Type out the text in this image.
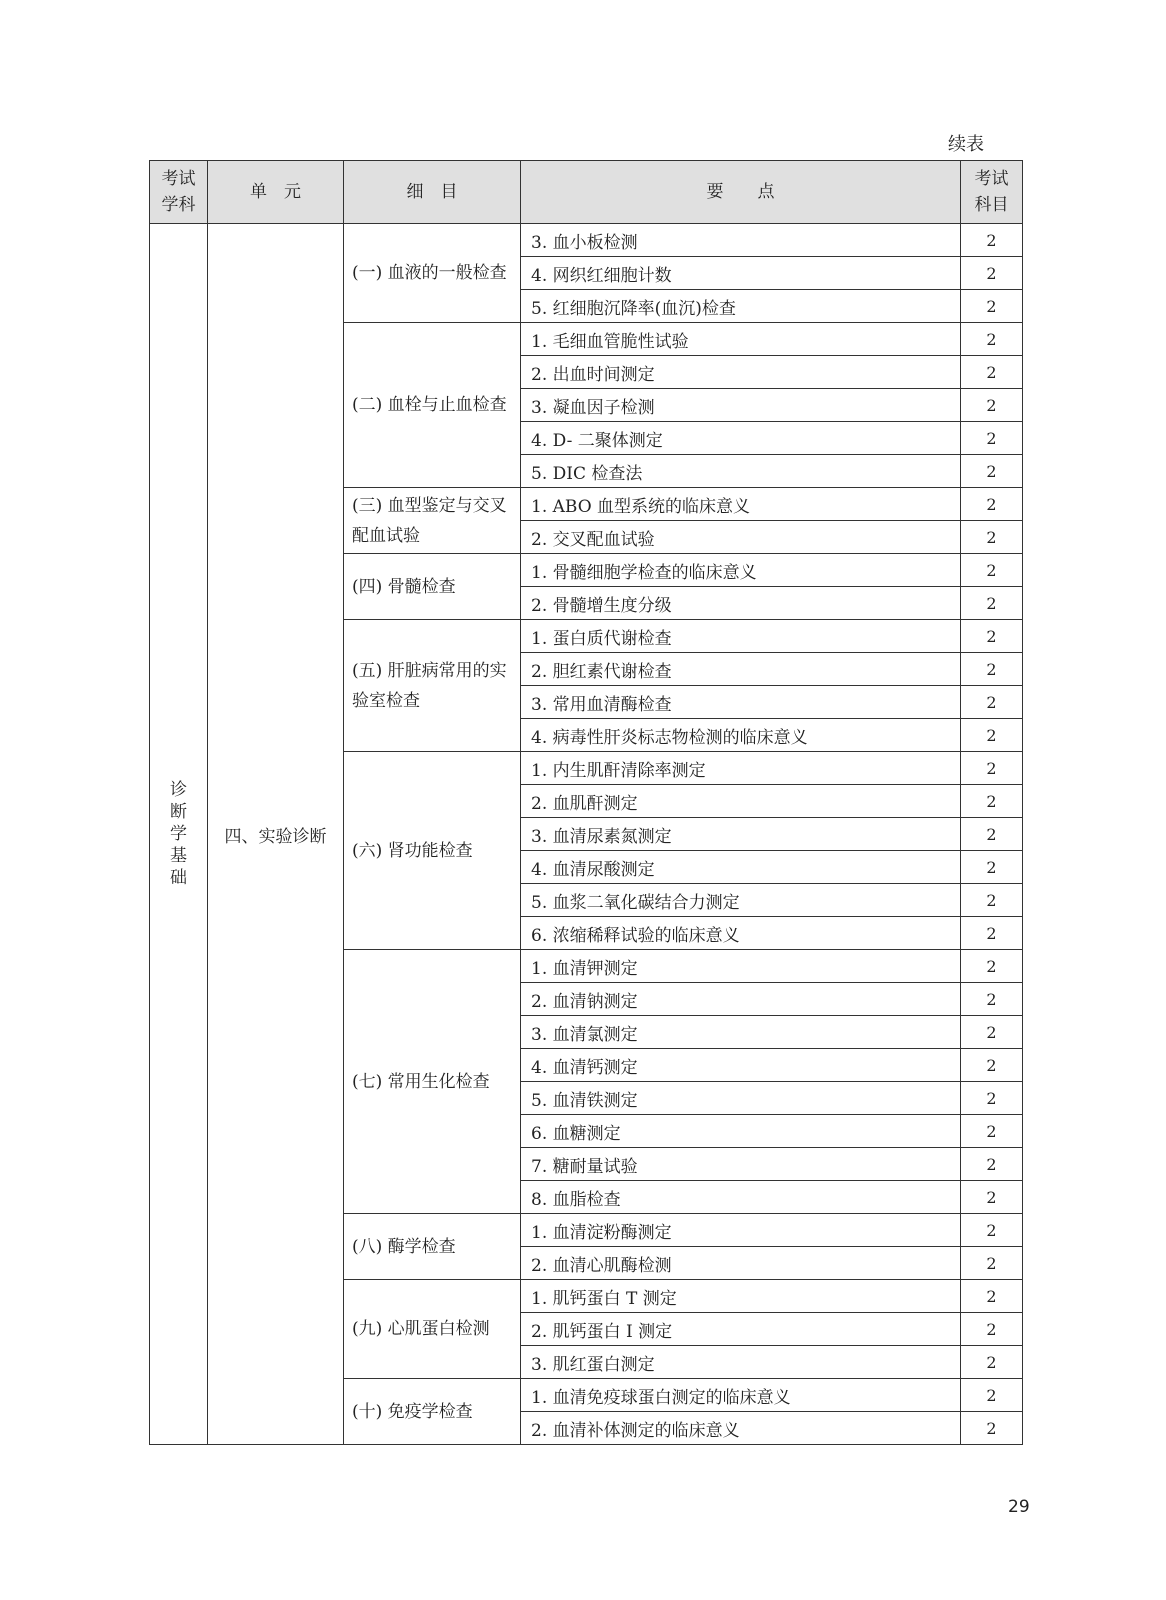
续表
考试学科	单　元	细　目	要　　点	考试科目
诊断学基础	四、实验诊断	(一) 血液的一般检查	3. 血小板检测	2
			4. 网织红细胞计数	2
			5. 红细胞沉降率(血沉)检查	2
		(二) 血栓与止血检查	1. 毛细血管脆性试验	2
			2. 出血时间测定	2
			3. 凝血因子检测	2
			4. D- 二聚体测定	2
			5. DIC 检查法	2
		(三) 血型鉴定与交叉配血试验	1. ABO 血型系统的临床意义	2
			2. 交叉配血试验	2
		(四) 骨髓检查	1. 骨髓细胞学检查的临床意义	2
			2. 骨髓增生度分级	2
		(五) 肝脏病常用的实验室检查	1. 蛋白质代谢检查	2
			2. 胆红素代谢检查	2
			3. 常用血清酶检查	2
			4. 病毒性肝炎标志物检测的临床意义	2
		(六) 肾功能检查	1. 内生肌酐清除率测定	2
			2. 血肌酐测定	2
			3. 血清尿素氮测定	2
			4. 血清尿酸测定	2
			5. 血浆二氧化碳结合力测定	2
			6. 浓缩稀释试验的临床意义	2
		(七) 常用生化检查	1. 血清钾测定	2
			2. 血清钠测定	2
			3. 血清氯测定	2
			4. 血清钙测定	2
			5. 血清铁测定	2
			6. 血糖测定	2
			7. 糖耐量试验	2
			8. 血脂检查	2
		(八) 酶学检查	1. 血清淀粉酶测定	2
			2. 血清心肌酶检测	2
		(九) 心肌蛋白检测	1. 肌钙蛋白 T 测定	2
			2. 肌钙蛋白 I 测定	2
			3. 肌红蛋白测定	2
		(十) 免疫学检查	1. 血清免疫球蛋白测定的临床意义	2
			2. 血清补体测定的临床意义	2
29
